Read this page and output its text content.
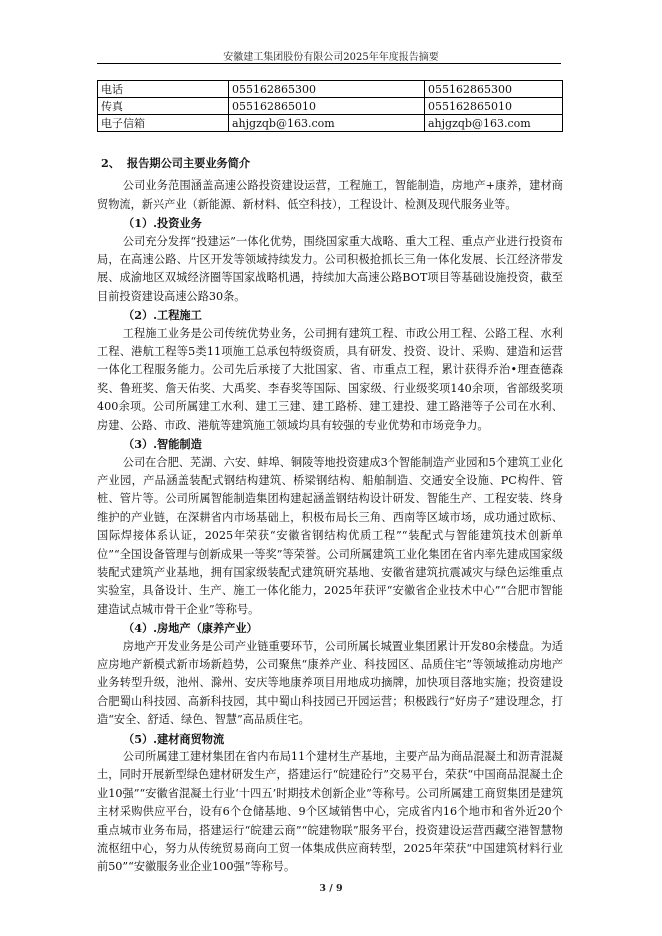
安徽建工集团股份有限公司2025年年度报告摘要
电话	055162865300	055162865300
传真	055162865010	055162865010
电子信箱	ahjgzqb@163.com	ahjgzqb@163.com
2、 报告期公司主要业务简介

公司业务范围涵盖高速公路投资建设运营，工程施工，智能制造，房地产+康养，建材商贸物流，新兴产业（新能源、新材料、低空科技），工程设计、检测及现代服务业等。

（1）.投资业务

公司充分发挥“投建运”一体化优势，围绕国家重大战略、重大工程、重点产业进行投资布局，在高速公路、片区开发等领域持续发力。公司积极抢抓长三角一体化发展、长江经济带发展、成渝地区双城经济圈等国家战略机遇，持续加大高速公路BOT项目等基础设施投资，截至目前投资建设高速公路30条。

（2）.工程施工

工程施工业务是公司传统优势业务，公司拥有建筑工程、市政公用工程、公路工程、水利工程、港航工程等5类11项施工总承包特级资质，具有研发、投资、设计、采购、建造和运营一体化工程服务能力。公司先后承接了大批国家、省、市重点工程，累计获得乔治•理查德森奖、鲁班奖、詹天佑奖、大禹奖、李春奖等国际、国家级、行业级奖项140余项，省部级奖项400余项。公司所属建工水利、建工三建、建工路桥、建工建投、建工路港等子公司在水利、房建、公路、市政、港航等建筑施工领域均具有较强的专业优势和市场竞争力。

（3）.智能制造

公司在合肥、芜湖、六安、蚌埠、铜陵等地投资建成3个智能制造产业园和5个建筑工业化产业园，产品涵盖装配式钢结构建筑、桥梁钢结构、船舶制造、交通安全设施、PC构件、管桩、管片等。公司所属智能制造集团构建起涵盖钢结构设计研发、智能生产、工程安装、终身维护的产业链，在深耕省内市场基础上，积极布局长三角、西南等区域市场，成功通过欧标、国际焊接体系认证，2025年荣获“安徽省钢结构优质工程”“装配式与智能建筑技术创新单位”“全国设备管理与创新成果一等奖”等荣誉。公司所属建筑工业化集团在省内率先建成国家级装配式建筑产业基地，拥有国家级装配式建筑研究基地、安徽省建筑抗震减灾与绿色运维重点实验室，具备设计、生产、施工一体化能力，2025年获评“安徽省企业技术中心”“合肥市智能建造试点城市骨干企业”等称号。

（4）.房地产（康养产业）

房地产开发业务是公司产业链重要环节，公司所属长城置业集团累计开发80余楼盘。为适应房地产新模式新市场新趋势，公司聚焦“康养产业、科技园区、品质住宅”等领域推动房地产业务转型升级，池州、滁州、安庆等地康养项目用地成功摘牌，加快项目落地实施；投资建设合肥蜀山科技园、高新科技园，其中蜀山科技园已开园运营；积极践行“好房子”建设理念，打造“安全、舒适、绿色、智慧”高品质住宅。

（5）.建材商贸物流

公司所属建工建材集团在省内布局11个建材生产基地，主要产品为商品混凝土和沥青混凝土，同时开展新型绿色建材研发生产，搭建运行“皖建砼行”交易平台，荣获“中国商品混凝土企业10强”“安徽省混凝土行业‘十四五’时期技术创新企业”等称号。公司所属建工商贸集团是建筑主材采购供应平台，设有6个仓储基地、9个区域销售中心，完成省内16个地市和省外近20个重点城市业务布局，搭建运行“皖建云商”“皖建物联”服务平台，投资建设运营西藏空港智慧物流枢纽中心，努力从传统贸易商向工贸一体集成供应商转型，2025年荣获“中国建筑材料行业前50”“安徽服务业企业100强”等称号。

3 / 9
